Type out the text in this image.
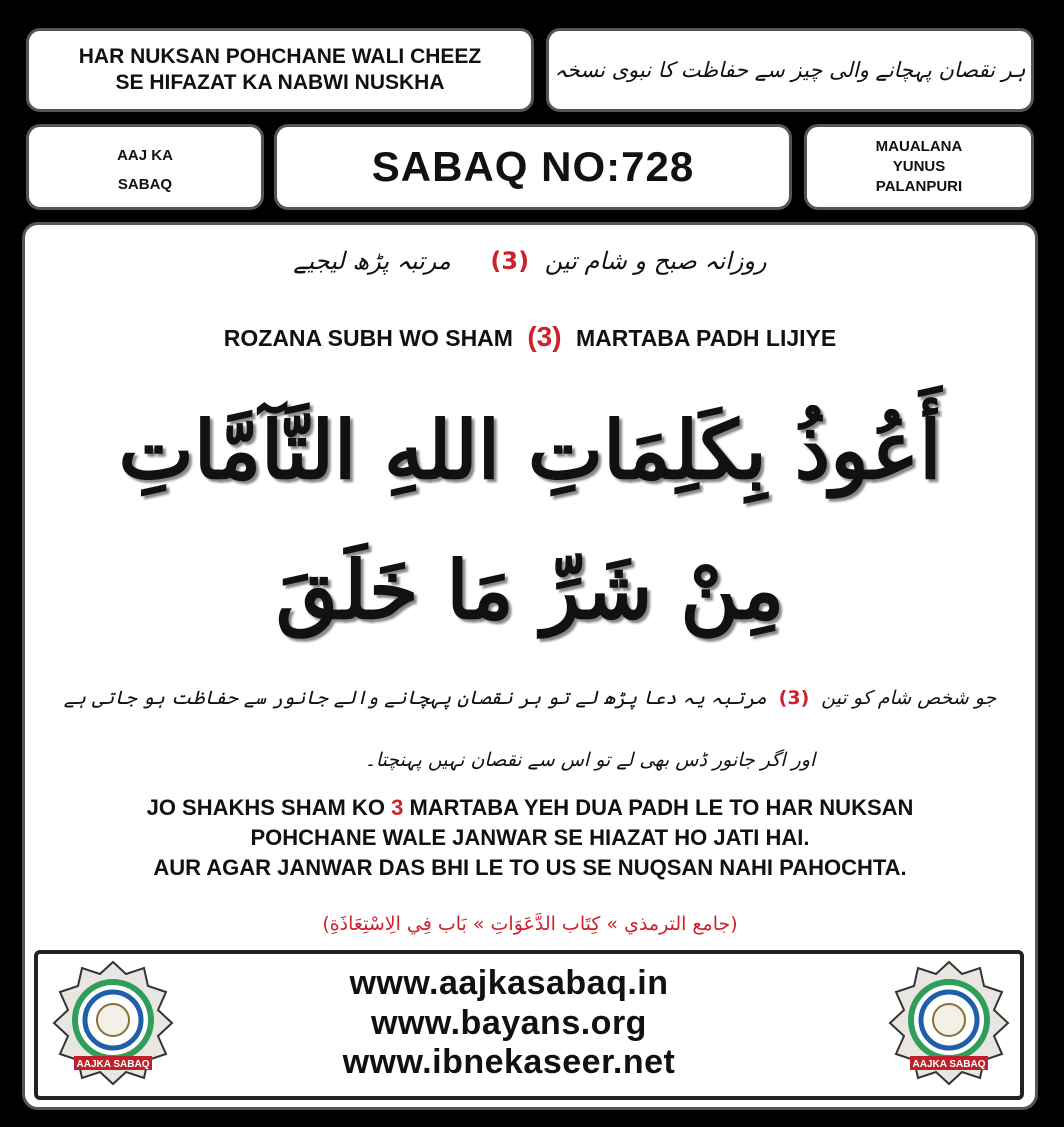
HAR NUKSAN POHCHANE WALI CHEEZ
SE HIFAZAT KA NABWI NUSKHA
ہر نقصان پہچانے والی چیز سے حفاظت کا نبوی نسخہ
AAJ KA
SABAQ	SABAQ NO:728	MAUALANA
YUNUS
PALANPURI
روزانہ صبح و شام تین (3) مرتبہ پڑھ لیجیے
ROZANA SUBH WO SHAM (3) MARTABA PADH LIJIYE
أَعُوذُ بِكَلِمَاتِ اللهِ التَّآمَّاتِ
مِنْ شَرِّ مَا خَلَقَ
جو شخص شام کو تین (3) مرتبہ یہ دعا پڑھ لے تو ہر نقصان پہچانے والے جانور سے حفاظت ہو جاتی ہے
اور اگر جانور ڈس بھی لے تو اس سے نقصان نہیں پہنچتا۔
JO SHAKHS SHAM KO 3 MARTABA YEH DUA PADH LE TO HAR NUKSAN
POHCHANE WALE JANWAR SE HIAZAT HO JATI HAI.
AUR AGAR JANWAR DAS BHI LE TO US SE NUQSAN NAHI PAHOCHTA.
(جامع الترمذي » كِتَاب الدَّعَوَاتِ » بَاب فِي الِاسْتِعَاذَةِ)
www.aajkasabaq.in
www.bayans.org
www.ibnekaseer.net
AAJKA SABAQ	AAJKA SABAQ
